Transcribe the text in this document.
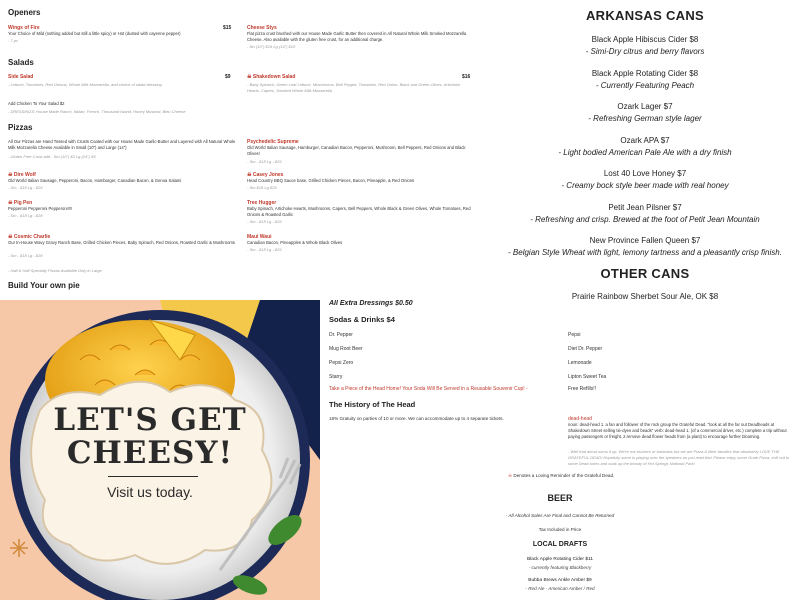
Openers
Wings of Fire	$15
Your Choice of Mild (nothing added but still a little spicy) or Hot (dusted with cayenne pepper)
- 7 pc
Cheese Stys
Flat pizza crust brushed with our House Made Garlic Butter then covered in All Natural Whole Milk Smoked Mozzarella Cheese. Also available with the gluten free crust, for an additional charge.
- 5in (10") $16 Lg (14") $10
Salads
Side Salad	$9
- Lettuce, Tomatoes, Red Onions, Whole Milk Mozzarella, and choice of salad dressing
☠ Shakedown Salad	$16
- Baby Spinach, Green Leaf Lettuce, Mushrooms, Bell Pepper, Tomatoes, Red Onion, Black and Green Olives, Artichoke Hearts, Capers, Smoked Whole Milk Mozzarella
Add Chicken To Your Salad $2
- DRESSINGS: House Made Ranch, Italian, French, Thousand Island, Honey Mustard, Bleu Cheese
Pizzas
All Our Pizzas are Hand Tossed with Crusts Coated with our House Made Garlic-Butter and Layered with All Natural Whole Milk Mozzarella Cheese Available in Small (10") and Large (14")
- Gluten Free Crust add - Sm (10") $3 Lg (14") $5
Psychedelic Supreme
Old World Italian Sausage, Hamburger, Canadian Bacon, Pepperoni, Mushroom, Bell Peppers, Red Onions and Black Olives!
- Sm - $18 Lg - $29
☠ Dire Wolf
Old World Italian Sausage, Pepperoni, Bacon, Hamburger, Canadian Bacon, & Genoa Salami
- Sm - $18 Lg - $29
☠ Casey Jones
Head Country BBQ Sauce base, Grilled Chicken Pieces, Bacon, Pineapple, & Red Onions
- Sm $18 Lg $29
☠ Pig Pen
Pepperoni Pepperoni Pepperoni!!!!
- Sm - $18 Lg - $28
Tree Hugger
Baby Spinach, Artichoke Hearts, Mushrooms, Capers, Bell Peppers, Whole Black & Green Olives, Whole Tomatoes, Red Onions & Roasted Garlic
- Sm - $18 Lg - $29
☠ Cosmic Charlie
Our In-House Wavy Gravy Ranch Base, Grilled Chicken Pieces, Baby Spinach, Red Onions, Roasted Garlic & Mushrooms
- Sm - $18 Lg - $28
Maui Waui
Canadian Bacon, Pineapples & Whole Black Olives
- Sm - $18 Lg - $29
- Half & Half Specialty Pizzas Available Only in Large
Build Your own pie
ARKANSAS CANS
OTHER CANS
Prairie Rainbow Sherbet Sour Ale, OK $8
Black Apple Hibiscus Cider $8
- Simi-Dry citrus and berry flavors
Black Apple Rotating Cider $8
- Currently Featuring Peach
Ozark Lager $7
- Refreshing German style lager
Ozark APA $7
- Light bodied American Pale Ale with a dry finish
Lost 40 Love Honey $7
- Creamy bock style beer made with real honey
Petit Jean Pilsner $7
- Refreshing and crisp. Brewed at the foot of Petit Jean Mountain
New Province Fallen Queen $7
- Belgian Style Wheat with light, lemony tartness and a pleasantly crisp finish.
LET'S GET
CHEESY!
Visit us today.
All Extra Dressings $0.50
Sodas & Drinks $4
Dr. Pepper
Mug Root Beer
Pepsi Zero
Starry
Pepsi
Diet Dr. Pepper
Lemonade
Lipton Sweet Tea
Take a Piece of the Head Home! Your Soda Will Be Served in a Reusable Souvenir Cup! -	Free Refills!!
The History of The Head
18% Gratuity on parties of 10 or more. We can accommodate up to 4 separate tickets.	dead-head
noun: dead-head 1. a fan and follower of the rock group the Grateful Dead. "look at all the far out Deadheads at Shakedown Street selling tie-dyes and beads" verb: dead-head 1. (of a commercial driver, etc.) complete a trip without paying passengers or freight. 2.remove dead flower heads from (a plant) to encourage further blooming.
- Well that about sums it up. We're not truckers or botanists but we are Pizza & Beer fanatics that absolutely LOVE THE GRATEFUL DEAD! Hopefully some is playing over the speakers as you read this! Please enjoy some Grate Pizza, chill out to some Dead tunes and soak up the beauty of Hot Springs National Park!
☠ Denotes a Loving Reminder of the Grateful Dead.
BEER
- All Alcohol Sales Are Final and Cannot Be Returned
Tax Included in Price
LOCAL DRAFTS
Black Apple Rotating Cider $11
- currently featuring Blackberry
Bubba Brews Ankle Amber $9
- Red Ale - American Amber / Red
